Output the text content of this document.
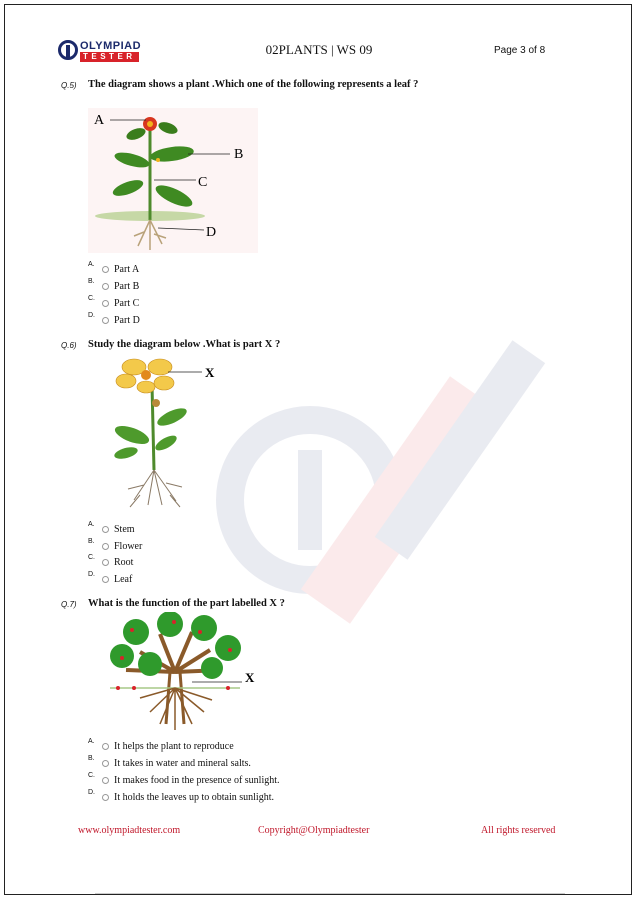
OLYMPIAD
TESTER	02PLANTS | WS 09	Page 3 of 8
Q.5) The diagram shows a plant .Which one of the following represents a leaf ?
A
B
C
D
A. Part A
B. Part B
C. Part C
D. Part D
Q.6) Study the diagram below .What is part X ?
X
A. Stem
B. Flower
C. Root
D. Leaf
Q.7) What is the function of the part labelled X ?
X
A. It helps the plant to reproduce
B. It takes in water and mineral salts.
C. It makes food in the presence of sunlight.
D. It holds the leaves up to obtain sunlight.
www.olympiadtester.com	Copyright@Olympiadtester	All rights reserved
